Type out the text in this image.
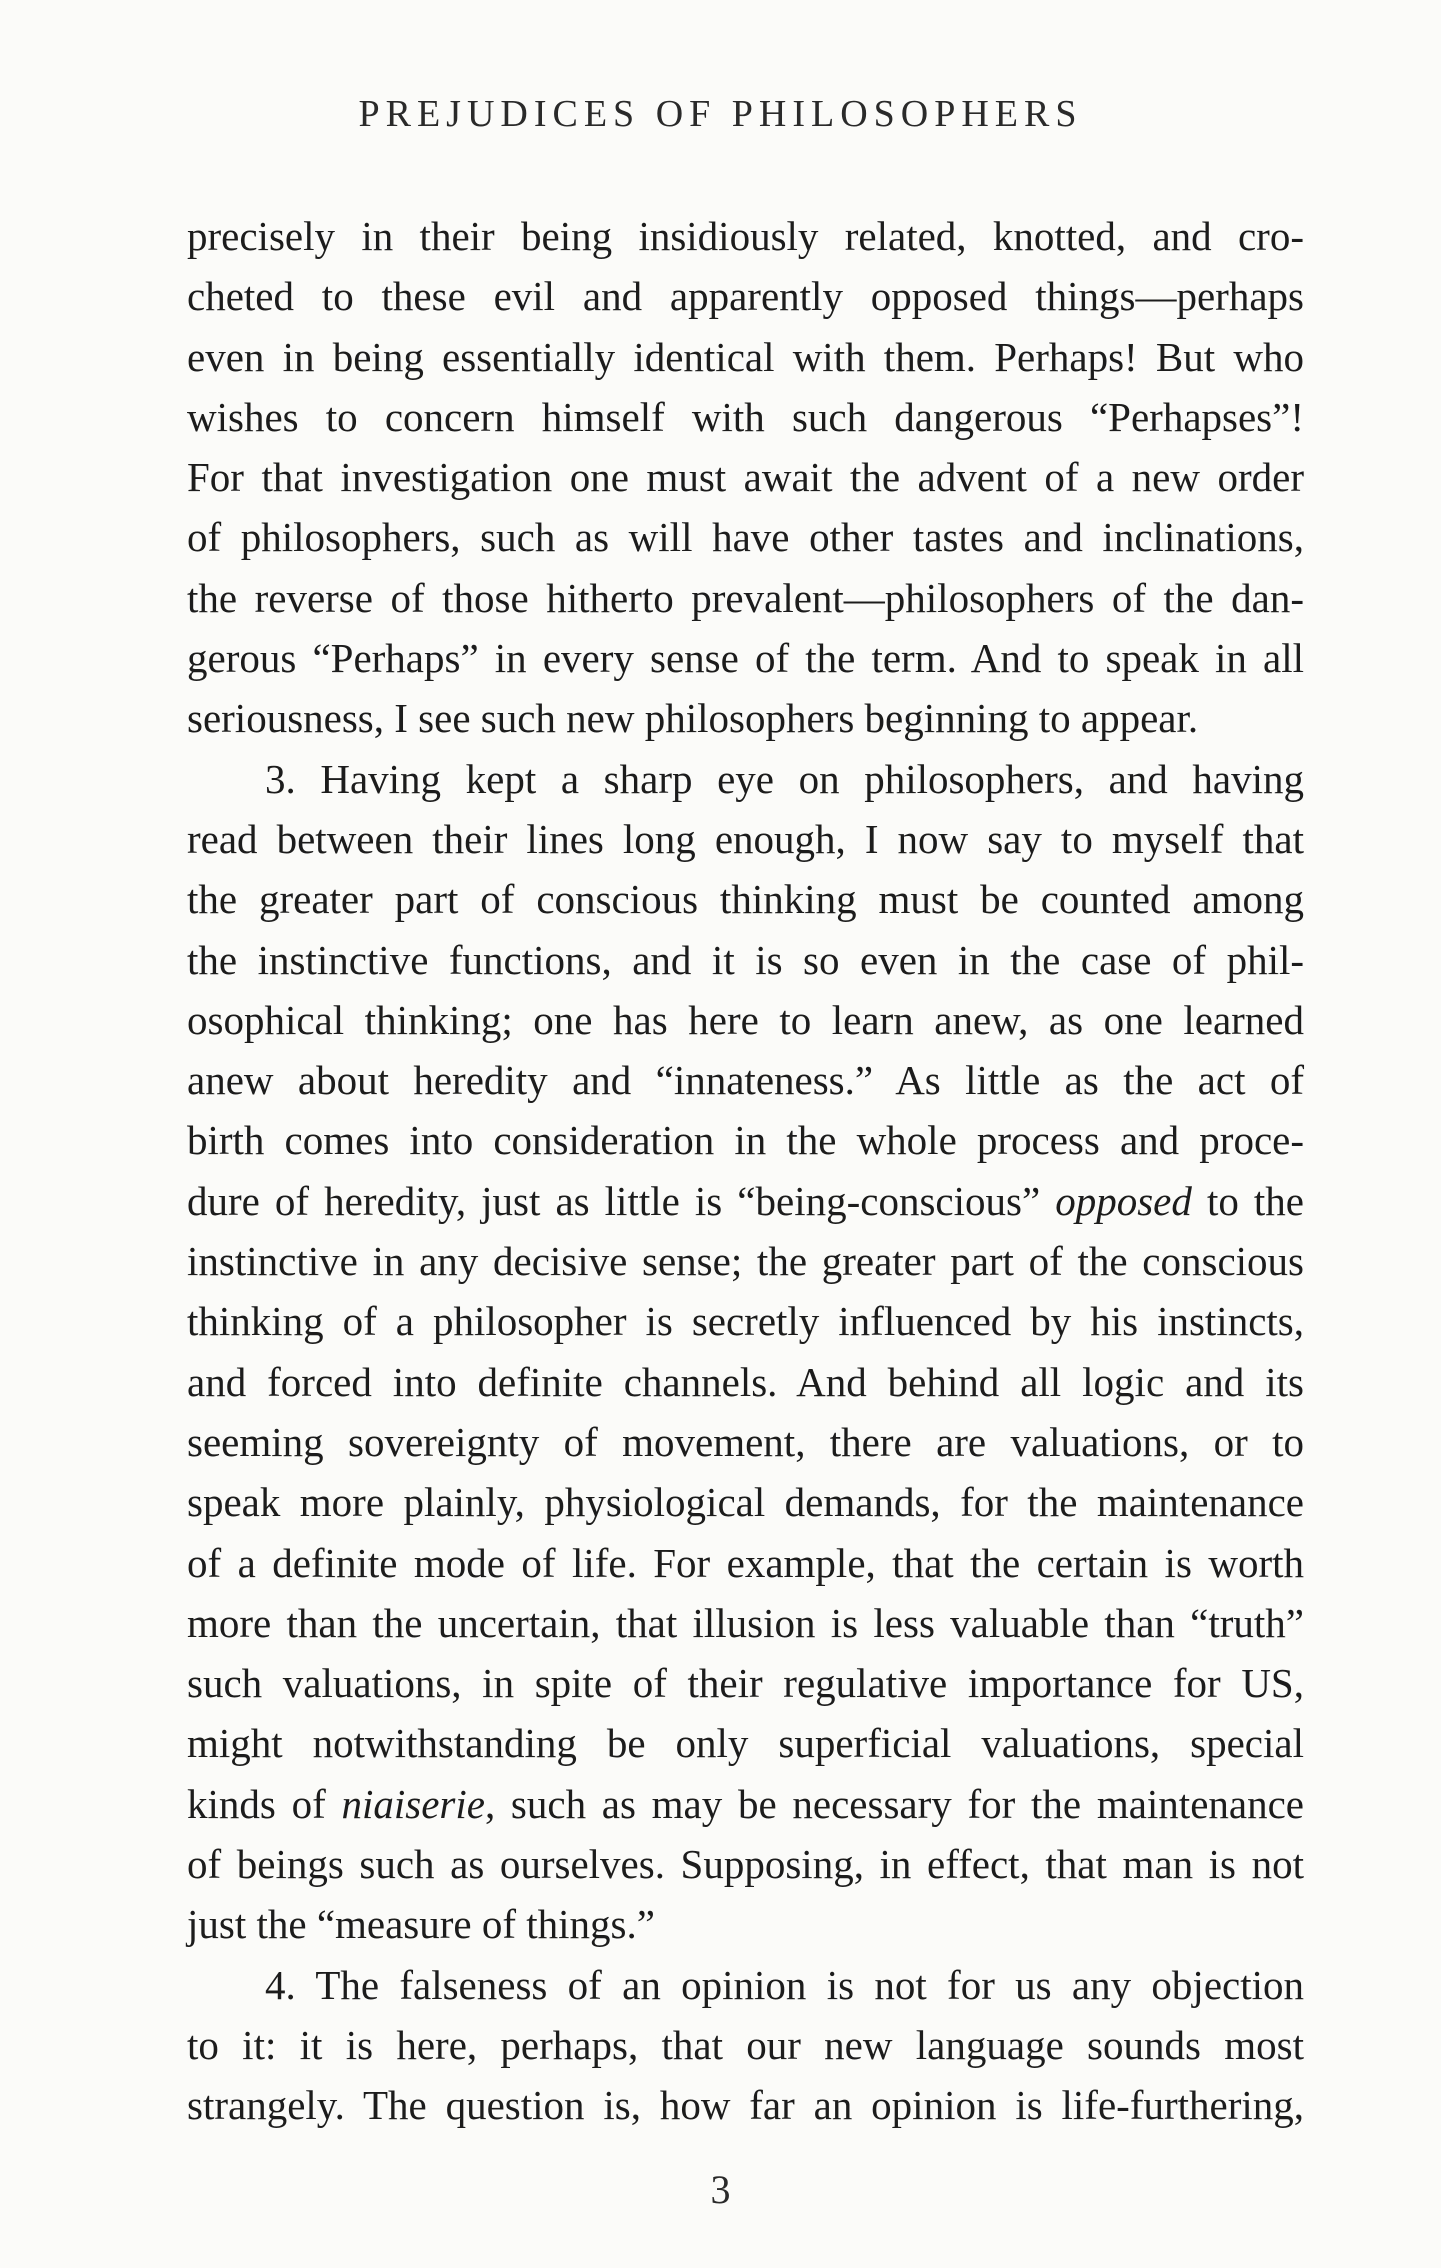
PREJUDICES OF PHILOSOPHERS
precisely in their being insidiously related, knotted, and cro-
cheted to these evil and apparently opposed things—perhaps
even in being essentially identical with them. Perhaps! But who
wishes to concern himself with such dangerous “Perhapses”!
For that investigation one must await the advent of a new order
of philosophers, such as will have other tastes and inclinations,
the reverse of those hitherto prevalent—philosophers of the dan-
gerous “Perhaps” in every sense of the term. And to speak in all
seriousness, I see such new philosophers beginning to appear.
3. Having kept a sharp eye on philosophers, and having
read between their lines long enough, I now say to myself that
the greater part of conscious thinking must be counted among
the instinctive functions, and it is so even in the case of phil-
osophical thinking; one has here to learn anew, as one learned
anew about heredity and “innateness.” As little as the act of
birth comes into consideration in the whole process and proce-
dure of heredity, just as little is “being-conscious” opposed to the
instinctive in any decisive sense; the greater part of the conscious
thinking of a philosopher is secretly influenced by his instincts,
and forced into definite channels. And behind all logic and its
seeming sovereignty of movement, there are valuations, or to
speak more plainly, physiological demands, for the maintenance
of a definite mode of life. For example, that the certain is worth
more than the uncertain, that illusion is less valuable than “truth”
such valuations, in spite of their regulative importance for US,
might notwithstanding be only superficial valuations, special
kinds of niaiserie, such as may be necessary for the maintenance
of beings such as ourselves. Supposing, in effect, that man is not
just the “measure of things.”
4. The falseness of an opinion is not for us any objection
to it: it is here, perhaps, that our new language sounds most
strangely. The question is, how far an opinion is life-furthering,
3
